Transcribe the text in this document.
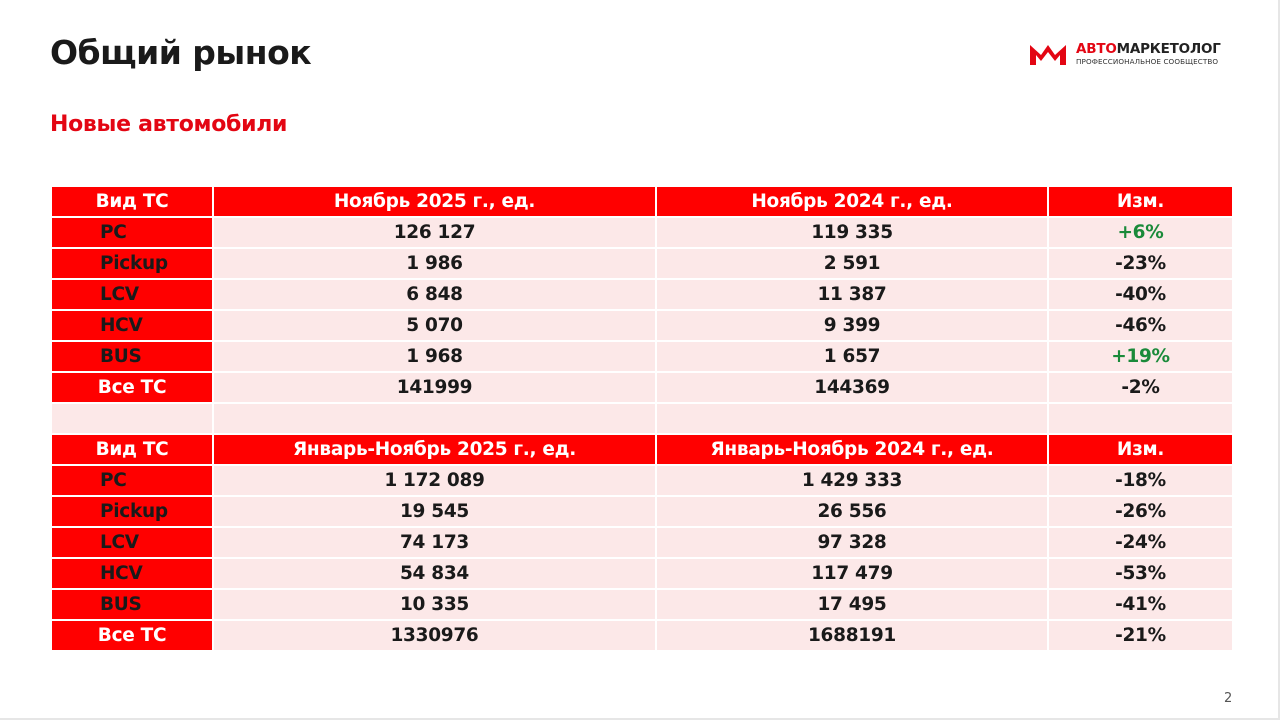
Общий рынок
Новые автомобили
АВТОМАРКЕТОЛОГ
ПРОФЕССИОНАЛЬНОЕ СООБЩЕСТВО
Вид ТС	Ноябрь 2025 г., ед.	Ноябрь 2024 г., ед.	Изм.
PC	126 127	119 335	+6%
Pickup	1 986	2 591	-23%
LCV	6 848	11 387	-40%
HCV	5 070	9 399	-46%
BUS	1 968	1 657	+19%
Все ТС	141999	144369	-2%

Вид ТС	Январь-Ноябрь 2025 г., ед.	Январь-Ноябрь 2024 г., ед.	Изм.
PC	1 172 089	1 429 333	-18%
Pickup	19 545	26 556	-26%
LCV	74 173	97 328	-24%
HCV	54 834	117 479	-53%
BUS	10 335	17 495	-41%
Все ТС	1330976	1688191	-21%
2
